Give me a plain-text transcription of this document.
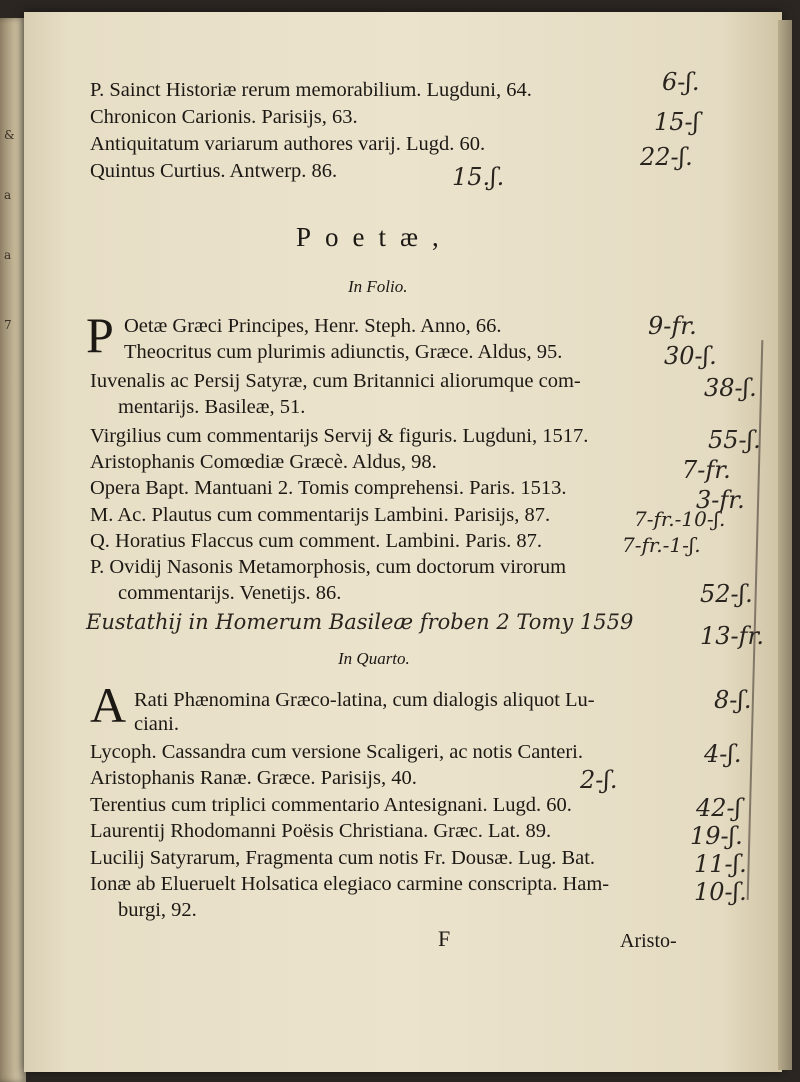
&
a
a
7
P. Sainct Historiæ rerum memorabilium. Lugduni, 64.
Chronicon Carionis. Parisijs, 63.
Antiquitatum variarum authores varij. Lugd. 60.
Quintus Curtius. Antwerp. 86.
6-ʃ.
15-ʃ
22-ʃ.
15.ʃ.
Poetæ,
In Folio.
P Oetæ Græci Principes, Henr. Steph. Anno, 66.
Theocritus cum plurimis adiunctis, Græce. Aldus, 95.
Iuvenalis ac Persij Satyræ, cum Britannici aliorumque com-
mentarijs. Basileæ, 51.
Virgilius cum commentarijs Servij & figuris. Lugduni, 1517.
Aristophanis Comœdiæ Græcè. Aldus, 98.
Opera Bapt. Mantuani 2. Tomis comprehensi. Paris. 1513.
M. Ac. Plautus cum commentarijs Lambini. Parisijs, 87.
Q. Horatius Flaccus cum comment. Lambini. Paris. 87.
P. Ovidij Nasonis Metamorphosis, cum doctorum virorum
commentarijs. Venetijs. 86.
9-fr.
30-ʃ.
38-ʃ.
55-ʃ.
7-fr.
3-fr.
7-fr.-10-ʃ.
7-fr.-1-ʃ.
52-ʃ.
Eustathij in Homerum Basileæ froben 2 Tomy 1559	13-fr.
In Quarto.
A Rati Phænomina Græco-latina, cum dialogis aliquot Lu-
ciani.
Lycoph. Cassandra cum versione Scaligeri, ac notis Canteri.
Aristophanis Ranæ. Græce. Parisijs, 40.
Terentius cum triplici commentario Antesignani. Lugd. 60.
Laurentij Rhodomanni Poësis Christiana. Græc. Lat. 89.
Lucilij Satyrarum, Fragmenta cum notis Fr. Dousæ. Lug. Bat.
Ionæ ab Elueruelt Holsatica elegiaco carmine conscripta. Ham-
burgi, 92.
8-ʃ.
4-ʃ.
2-ʃ.
42-ʃ
19-ʃ.
11-ʃ.
10-ʃ.
F	Aristo-
